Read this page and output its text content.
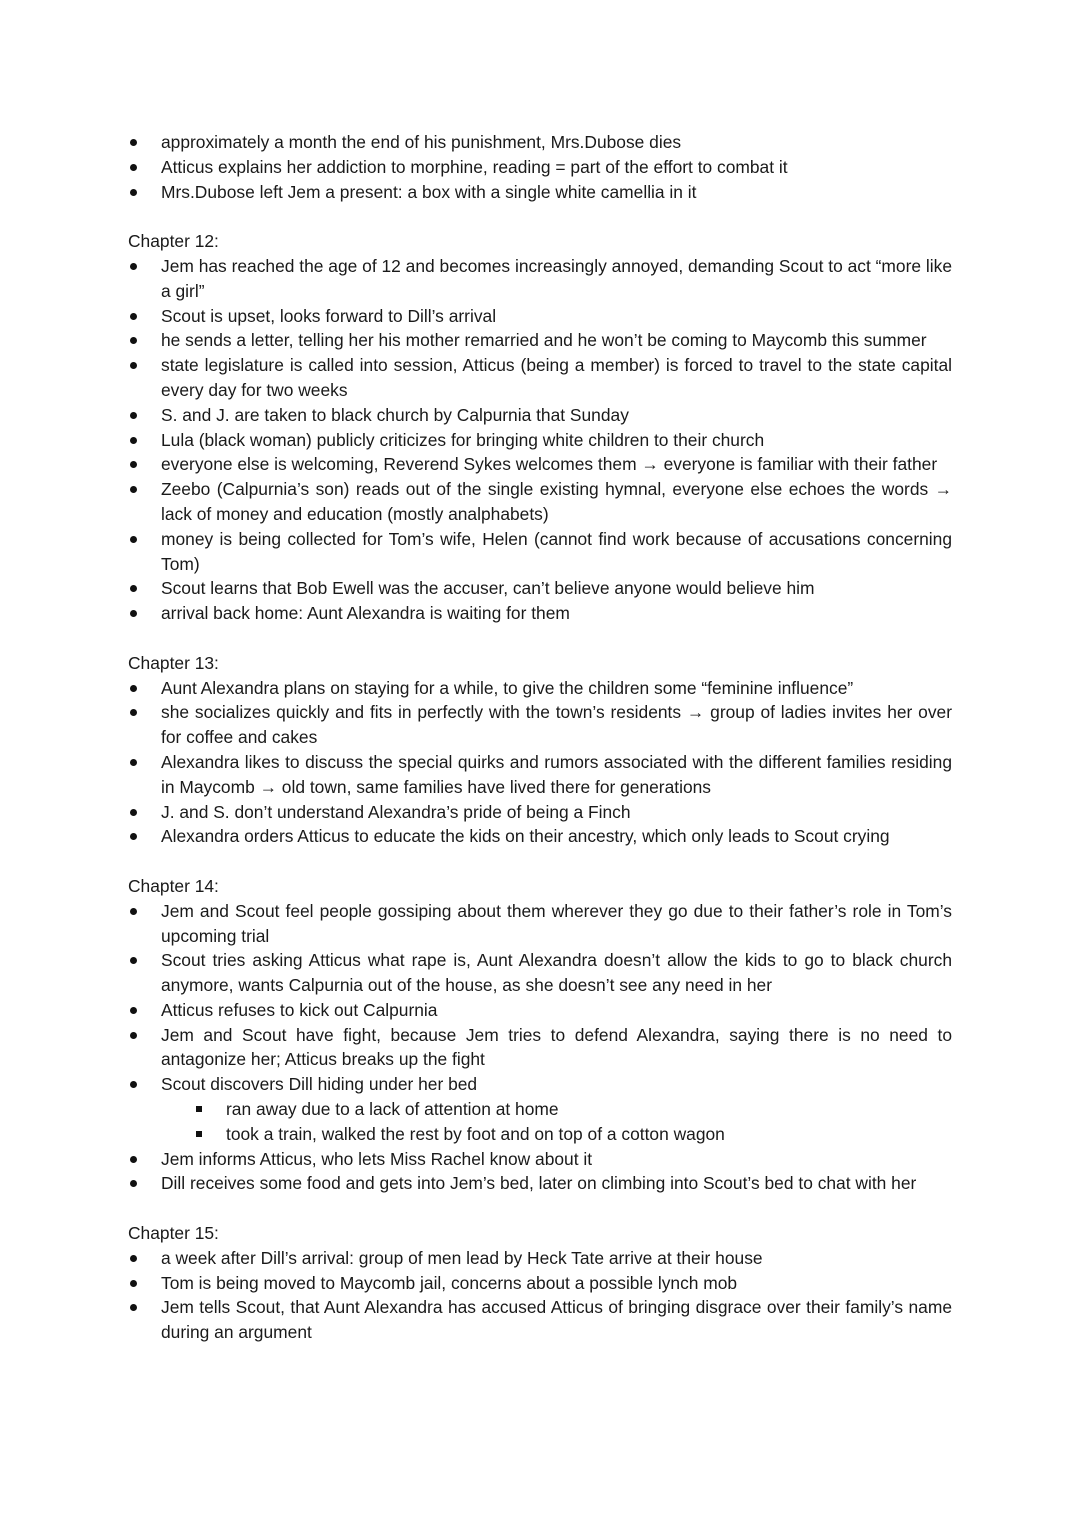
approximately a month the end of his punishment, Mrs.Dubose dies
Atticus explains her addiction to morphine, reading = part of the effort to combat it
Mrs.Dubose left Jem a present: a box with a single white camellia in it
Chapter 12:
Jem has reached the age of 12 and becomes increasingly annoyed, demanding Scout to act “more like a girl”
Scout is upset, looks forward to Dill’s arrival
he sends a letter, telling her his mother remarried and he won’t be coming to Maycomb this summer
state legislature is called into session, Atticus (being a member) is forced to travel to the state capital every day for two weeks
S. and J. are taken to black church by Calpurnia that Sunday
Lula (black woman) publicly criticizes for bringing white children to their church
everyone else is welcoming, Reverend Sykes welcomes them → everyone is familiar with their father
Zeebo (Calpurnia’s son) reads out of the single existing hymnal, everyone else echoes the words → lack of money and education (mostly analphabets)
money is being collected for Tom’s wife, Helen (cannot find work because of accusations concerning Tom)
Scout learns that Bob Ewell was the accuser, can’t believe anyone would believe him
arrival back home: Aunt Alexandra is waiting for them
Chapter 13:
Aunt Alexandra plans on staying for a while, to give the children some “feminine influence”
she socializes quickly and fits in perfectly with the town’s residents → group of ladies invites her over for coffee and cakes
Alexandra likes to discuss the special quirks and rumors associated with the different families residing in Maycomb → old town, same families have lived there for generations
J. and S. don’t understand Alexandra’s pride of being a Finch
Alexandra orders Atticus to educate the kids on their ancestry, which only leads to Scout crying
Chapter 14:
Jem and Scout feel people gossiping about them wherever they go due to their father’s role in Tom’s upcoming trial
Scout tries asking Atticus what rape is, Aunt Alexandra doesn’t allow the kids to go to black church anymore, wants Calpurnia out of the house, as she doesn’t see any need in her
Atticus refuses to kick out Calpurnia
Jem and Scout have fight, because Jem tries to defend Alexandra, saying there is no need to antagonize her; Atticus breaks up the fight
Scout discovers Dill hiding under her bed
ran away due to a lack of attention at home
took a train, walked the rest by foot and on top of a cotton wagon
Jem informs Atticus, who lets Miss Rachel know about it
Dill receives some food and gets into Jem’s bed, later on climbing into Scout’s bed to chat with her
Chapter 15:
a week after Dill’s arrival: group of men lead by Heck Tate arrive at their house
Tom is being moved to Maycomb jail, concerns about a possible lynch mob
Jem tells Scout, that Aunt Alexandra has accused Atticus of bringing disgrace over their family’s name during an argument
